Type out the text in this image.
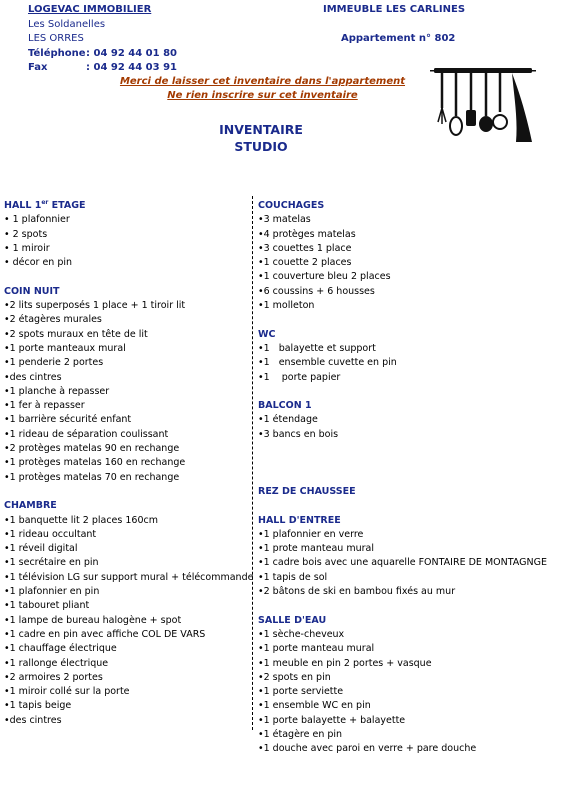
LOGEVAC IMMOBILIER
Les Soldanelles
LES ORRES
Téléphone: 04 92 44 01 80
Fax	: 04 92 44 03 91
IMMEUBLE LES CARLINES
Appartement n° 802
Merci de laisser cet inventaire dans l'appartement
Ne rien inscrire sur cet inventaire
INVENTAIRE
STUDIO
HALL 1er ETAGE
• 1 plafonnier
• 2 spots
• 1 miroir
• décor en pin
COIN NUIT
•2 lits superposés 1 place + 1 tiroir lit
•2 étagères murales
•2 spots muraux en tête de lit
•1 porte manteaux mural
•1 penderie 2 portes
•des cintres
•1 planche à repasser
•1 fer à repasser
•1 barrière sécurité enfant
•1 rideau de séparation coulissant
•2 protèges matelas 90 en rechange
•1 protèges matelas 160 en rechange
•1 protèges matelas 70 en rechange
CHAMBRE
•1 banquette lit 2 places 160cm
•1 rideau occultant
•1 réveil digital
•1 secrétaire en pin
•1 télévision LG sur support mural + télécommande
•1 plafonnier en pin
•1 tabouret pliant
•1 lampe de bureau halogène + spot
•1 cadre en pin avec affiche COL DE VARS
•1 chauffage électrique
•1 rallonge électrique
•2 armoires 2 portes
•1 miroir collé sur la porte
•1 tapis beige
•des cintres
COUCHAGES
•3 matelas
•4 protèges matelas
•3 couettes 1 place
•1 couette 2 places
•1 couverture bleu 2 places
•6 coussins + 6 housses
•1 molleton
WC
•1   balayette et support
•1   ensemble cuvette en pin
•1    porte papier
BALCON 1
•1 étendage
•3 bancs en bois
REZ DE CHAUSSEE
HALL D'ENTREE
•1 plafonnier en verre
•1 prote manteau mural
•1 cadre bois avec une aquarelle FONTAIRE DE MONTAGNGE
•1 tapis de sol
•2 bâtons de ski en bambou fixés au mur
SALLE D'EAU
•1 sèche-cheveux
•1 porte manteau mural
•1 meuble en pin 2 portes + vasque
•2 spots en pin
•1 porte serviette
•1 ensemble WC en pin
•1 porte balayette + balayette
•1 étagère en pin
•1 douche avec paroi en verre + pare douche
